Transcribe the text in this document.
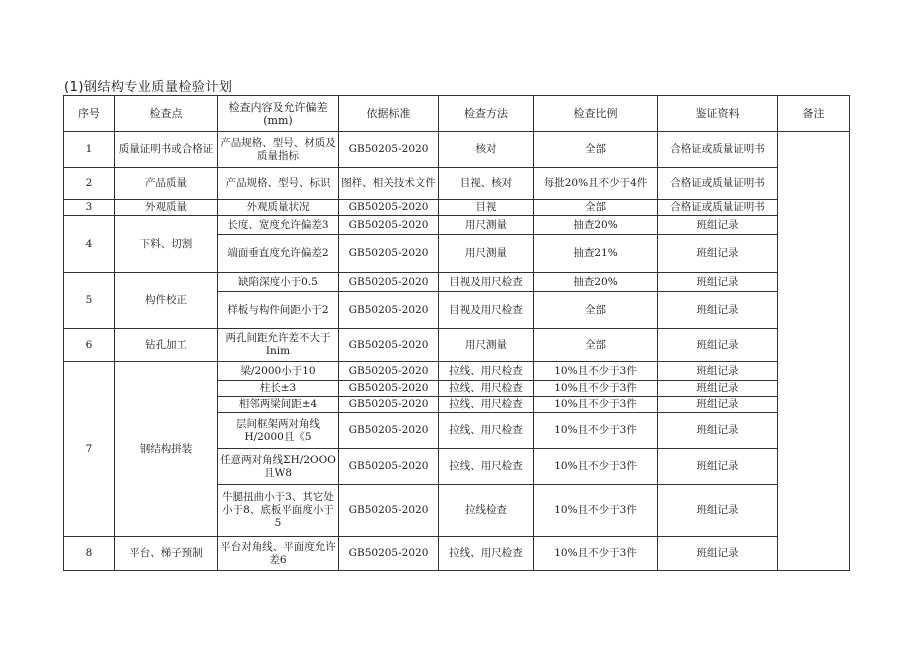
(1)钢结构专业质量检验计划
序号	检查点	检查内容及允许偏差(mm)	依据标准	检查方法	检查比例	鉴证资料	备注
1	质量证明书或合格证	产品规格、型号、材质及质量指标	GB50205-2020	核对	全部	合格证或质量证明书	
2	产品质量	产品规格、型号、标识	图样、相关技术文件	目视、核对	每批20%且不少于4件	合格证或质量证明书	
3	外观质量	外观质量状况	GB50205-2020	目视	全部	合格证或质量证明书	
4	下料、切割	长度、宽度允许偏差3	GB50205-2020	用尺测量	抽查20%	班组记录	
		端面垂直度允许偏差2	GB50205-2020	用尺测量	抽查21%	班组记录	
5	构件校正	缺陷深度小于0.5	GB50205-2020	目视及用尺检查	抽查20%	班组记录	
		样板与构件间距小于2	GB50205-2020	目视及用尺检查	全部	班组记录	
6	钻孔加工	两孔间距允许差不大于Inim	GB50205-2020	用尺测量	全部	班组记录	
7	钢结构拼装	梁/2000小于10	GB50205-2020	拉线、用尺检查	10%且不少于3件	班组记录	
		柱长±3	GB50205-2020	拉线、用尺检查	10%且不少于3件	班组记录	
		相邻两梁间距±4	GB50205-2020	拉线、用尺检查	10%且不少于3件	班组记录	
		层间框架两对角线H/2000且《5	GB50205-2020	拉线、用尺检查	10%且不少于3件	班组记录	
		任意两对角线ΣH/2OOO且W8	GB50205-2020	拉线、用尺检查	10%且不少于3件	班组记录	
		牛腿扭曲小于3、其它处小于8、底板平面度小于5	GB50205-2020	拉线检查	10%且不少于3件	班组记录	
8	平台、梯子预制	平台对角线、平面度允许差6	GB50205-2020	拉线、用尺检查	10%且不少于3件	班组记录	
